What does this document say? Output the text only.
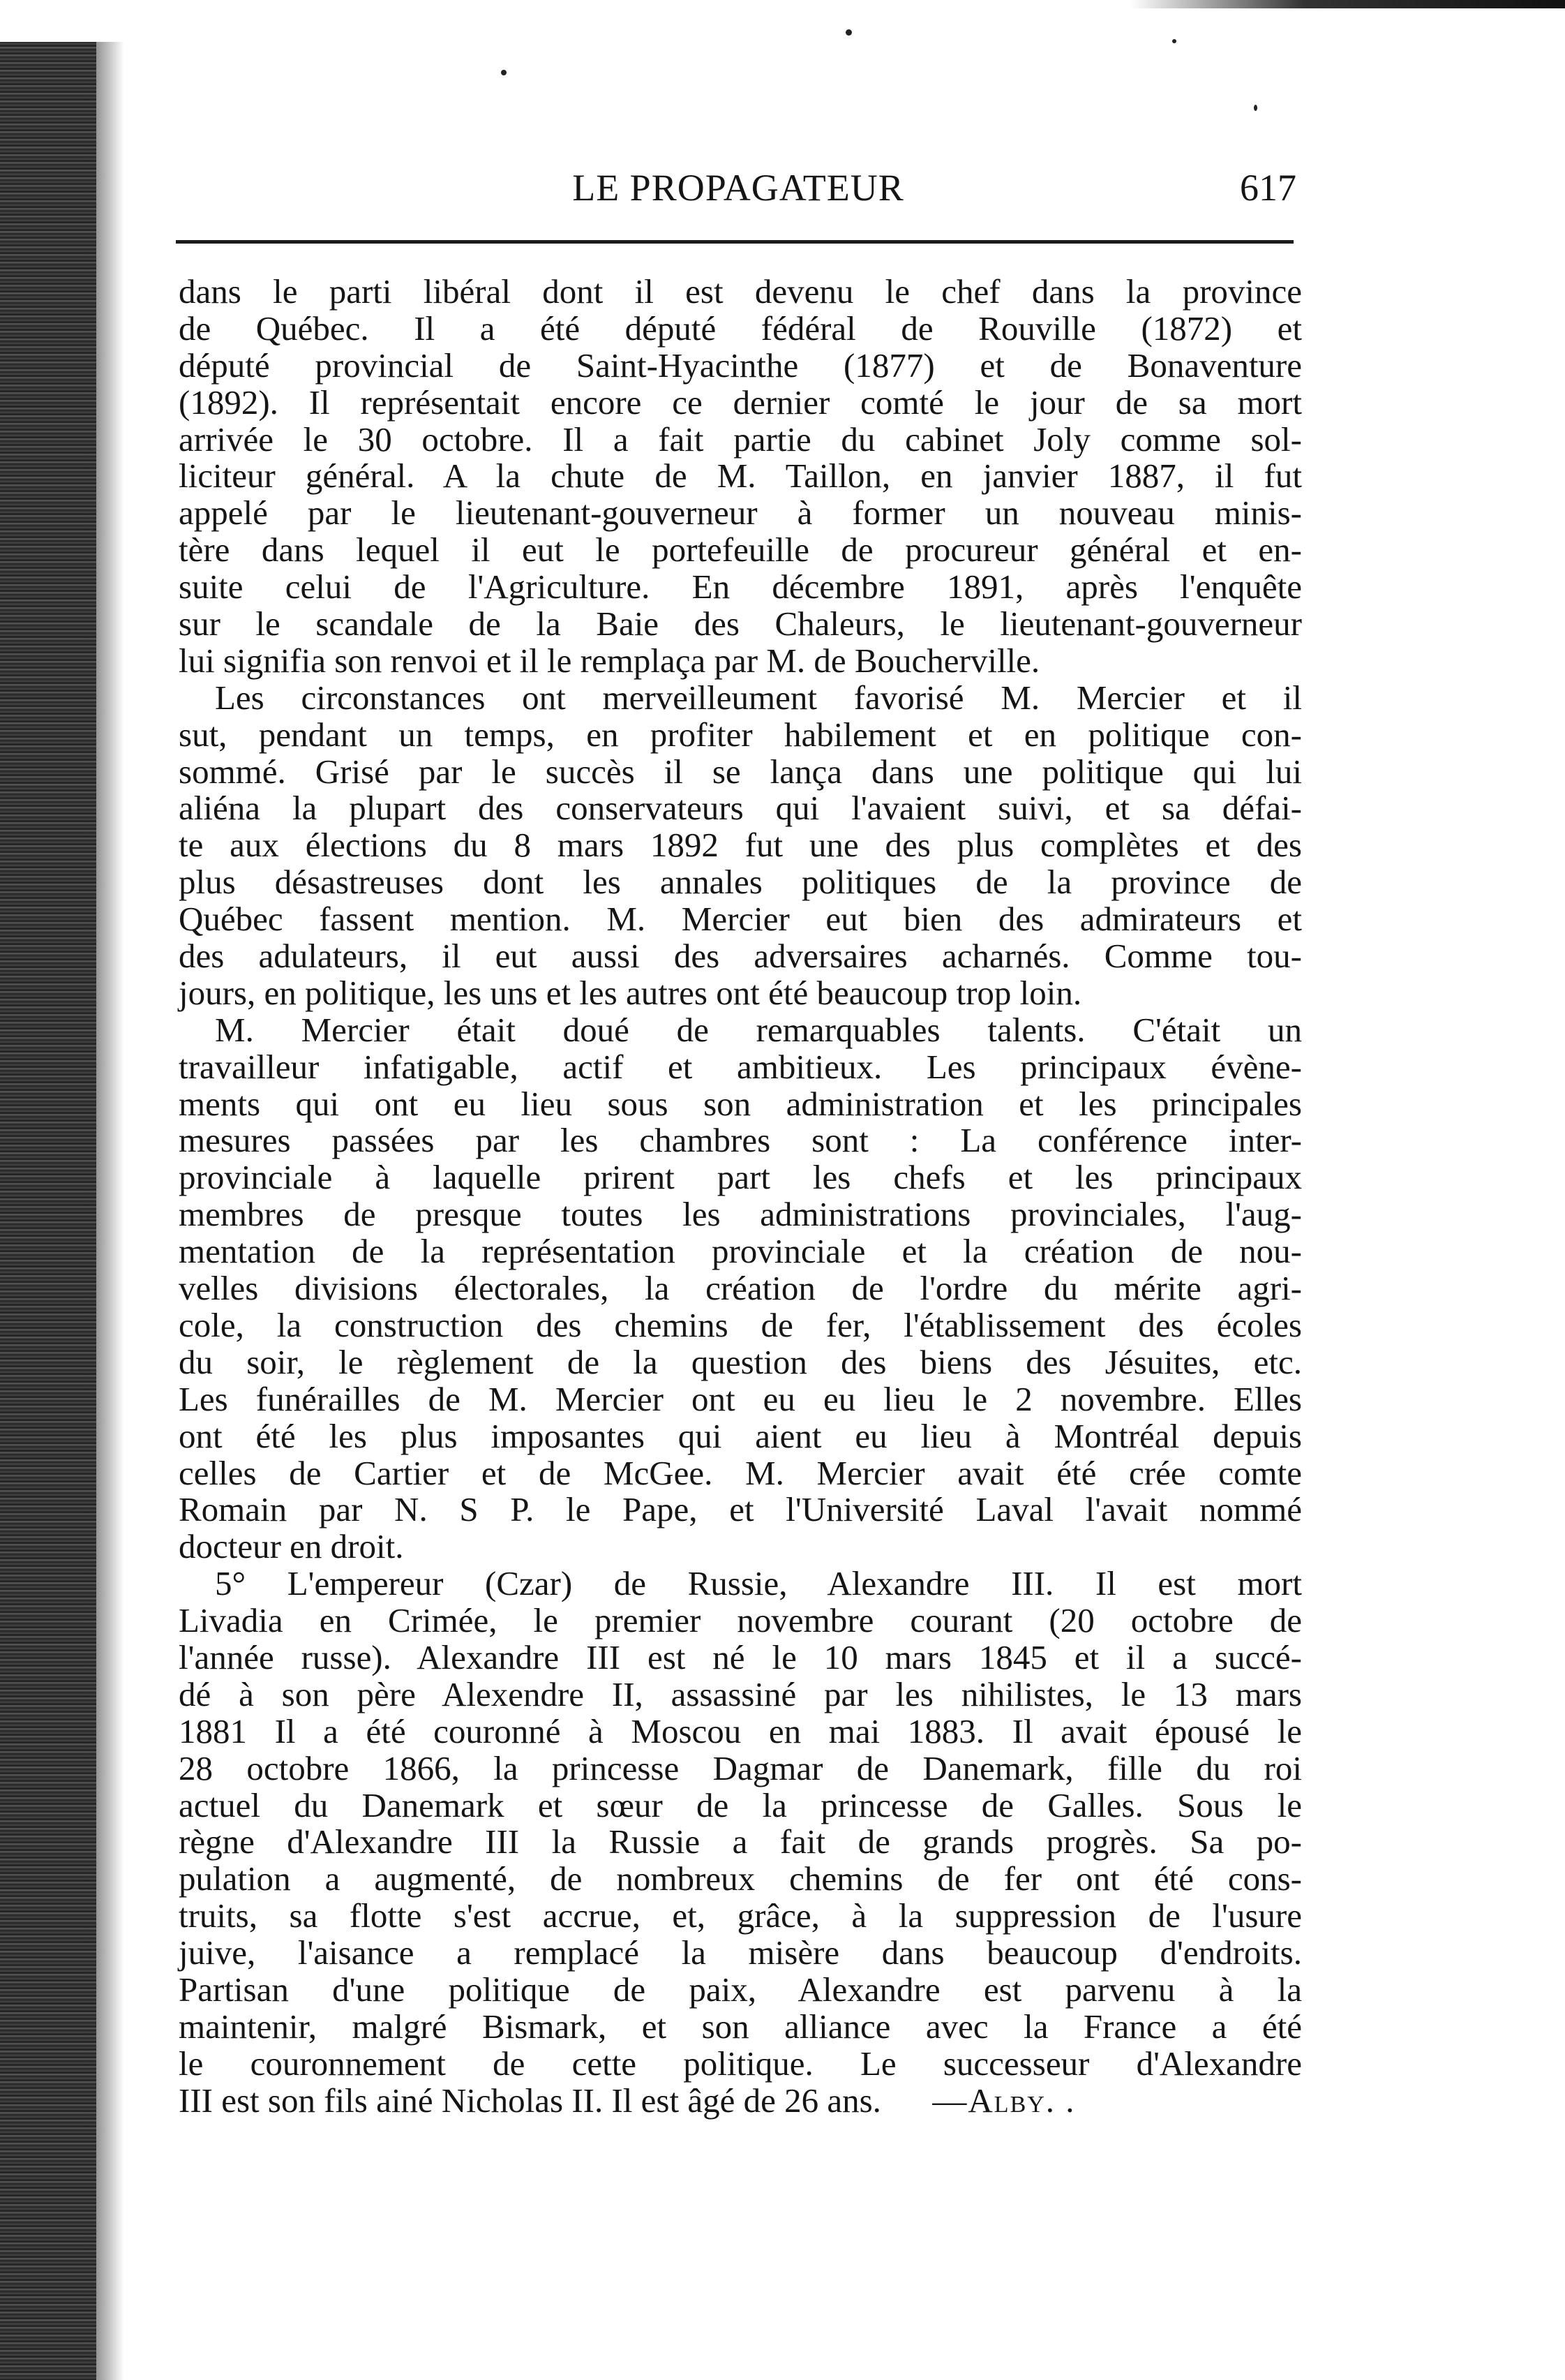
LE PROPAGATEUR	617
dans le parti libéral dont il est devenu le chef dans la province
de Québec. Il a été député fédéral de Rouville (1872) et
député provincial de Saint-Hyacinthe (1877) et de Bonaventure
(1892). Il représentait encore ce dernier comté le jour de sa mort
arrivée le 30 octobre. Il a fait partie du cabinet Joly comme sol-
liciteur général. A la chute de M. Taillon, en janvier 1887, il fut
appelé par le lieutenant-gouverneur à former un nouveau minis-
tère dans lequel il eut le portefeuille de procureur général et en-
suite celui de l'Agriculture. En décembre 1891, après l'enquête
sur le scandale de la Baie des Chaleurs, le lieutenant-gouverneur
lui signifia son renvoi et il le remplaça par M. de Boucherville.
Les circonstances ont merveilleument favorisé M. Mercier et il
sut, pendant un temps, en profiter habilement et en politique con-
sommé. Grisé par le succès il se lança dans une politique qui lui
aliéna la plupart des conservateurs qui l'avaient suivi, et sa défai-
te aux élections du 8 mars 1892 fut une des plus complètes et des
plus désastreuses dont les annales politiques de la province de
Québec fassent mention. M. Mercier eut bien des admirateurs et
des adulateurs, il eut aussi des adversaires acharnés. Comme tou-
jours, en politique, les uns et les autres ont été beaucoup trop loin.
M. Mercier était doué de remarquables talents. C'était un
travailleur infatigable, actif et ambitieux. Les principaux évène-
ments qui ont eu lieu sous son administration et les principales
mesures passées par les chambres sont : La conférence inter-
provinciale à laquelle prirent part les chefs et les principaux
membres de presque toutes les administrations provinciales, l'aug-
mentation de la représentation provinciale et la création de nou-
velles divisions électorales, la création de l'ordre du mérite agri-
cole, la construction des chemins de fer, l'établissement des écoles
du soir, le règlement de la question des biens des Jésuites, etc.
Les funérailles de M. Mercier ont eu eu lieu le 2 novembre. Elles
ont été les plus imposantes qui aient eu lieu à Montréal depuis
celles de Cartier et de McGee. M. Mercier avait été crée comte
Romain par N. S P. le Pape, et l'Université Laval l'avait nommé
docteur en droit.
5° L'empereur (Czar) de Russie, Alexandre III. Il est mort
Livadia en Crimée, le premier novembre courant (20 octobre de
l'année russe). Alexandre III est né le 10 mars 1845 et il a succé-
dé à son père Alexendre II, assassiné par les nihilistes, le 13 mars
1881 Il a été couronné à Moscou en mai 1883. Il avait épousé le
28 octobre 1866, la princesse Dagmar de Danemark, fille du roi
actuel du Danemark et sœur de la princesse de Galles. Sous le
règne d'Alexandre III la Russie a fait de grands progrès. Sa po-
pulation a augmenté, de nombreux chemins de fer ont été cons-
truits, sa flotte s'est accrue, et, grâce, à la suppression de l'usure
juive, l'aisance a remplacé la misère dans beaucoup d'endroits.
Partisan d'une politique de paix, Alexandre est parvenu à la
maintenir, malgré Bismark, et son alliance avec la France a été
le couronnement de cette politique. Le successeur d'Alexandre
III est son fils ainé Nicholas II. Il est âgé de 26 ans. —Alby. .
